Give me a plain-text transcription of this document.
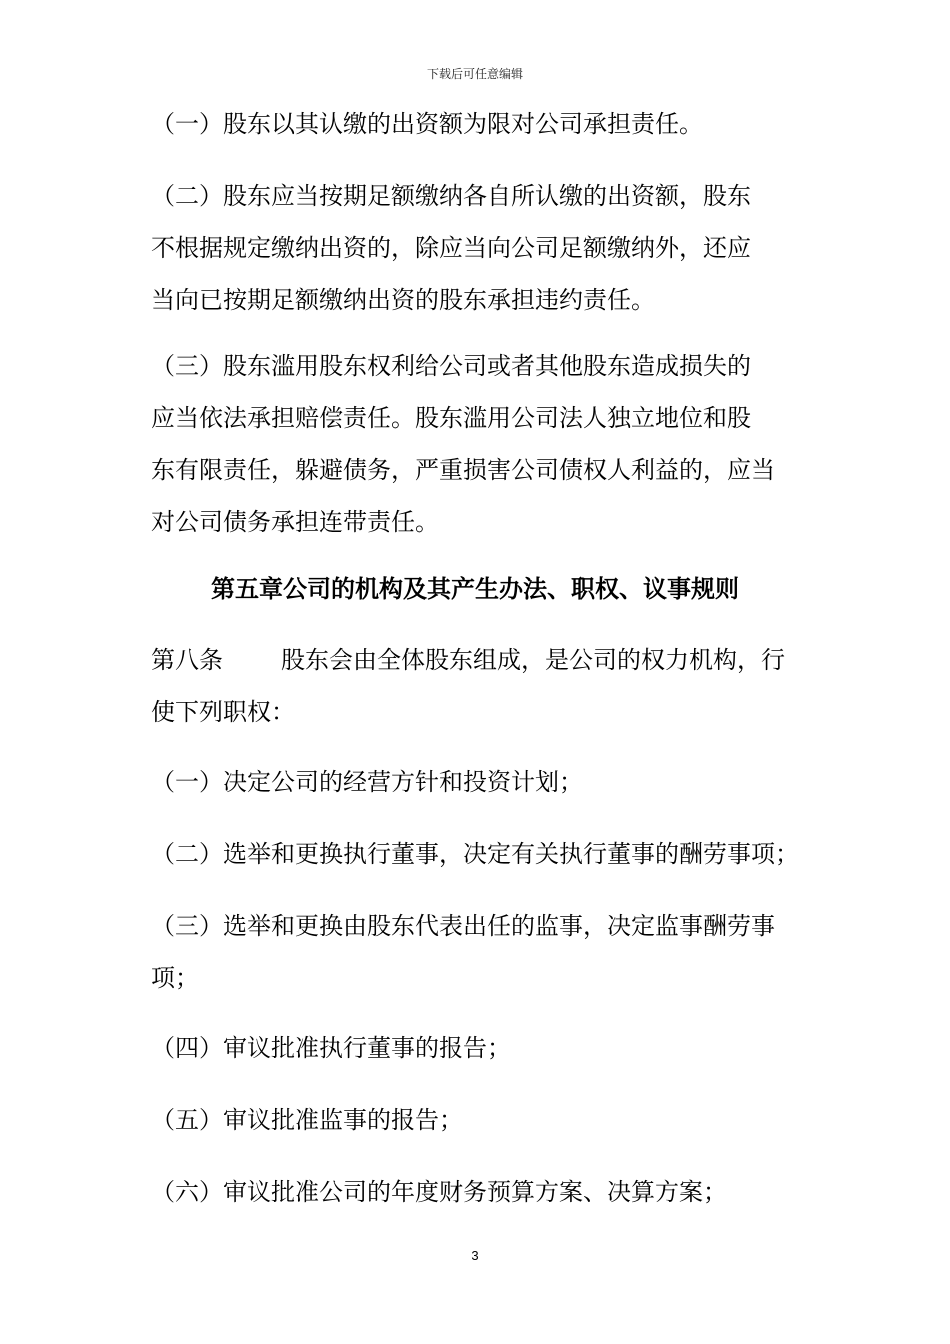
下载后可任意编辑
（一）股东以其认缴的出资额为限对公司承担责任。
（二）股东应当按期足额缴纳各自所认缴的出资额，股东
不根据规定缴纳出资的，除应当向公司足额缴纳外，还应
当向已按期足额缴纳出资的股东承担违约责任。
（三）股东滥用股东权利给公司或者其他股东造成损失的
应当依法承担赔偿责任。股东滥用公司法人独立地位和股
东有限责任，躲避债务，严重损害公司债权人利益的，应当
对公司债务承担连带责任。
第五章公司的机构及其产生办法、职权、议事规则
第八条 股东会由全体股东组成，是公司的权力机构，行
使下列职权：
（一）决定公司的经营方针和投资计划；
（二）选举和更换执行董事，决定有关执行董事的酬劳事项；
（三）选举和更换由股东代表出任的监事，决定监事酬劳事
项；
（四）审议批准执行董事的报告；
（五）审议批准监事的报告；
（六）审议批准公司的年度财务预算方案、决算方案；
3
